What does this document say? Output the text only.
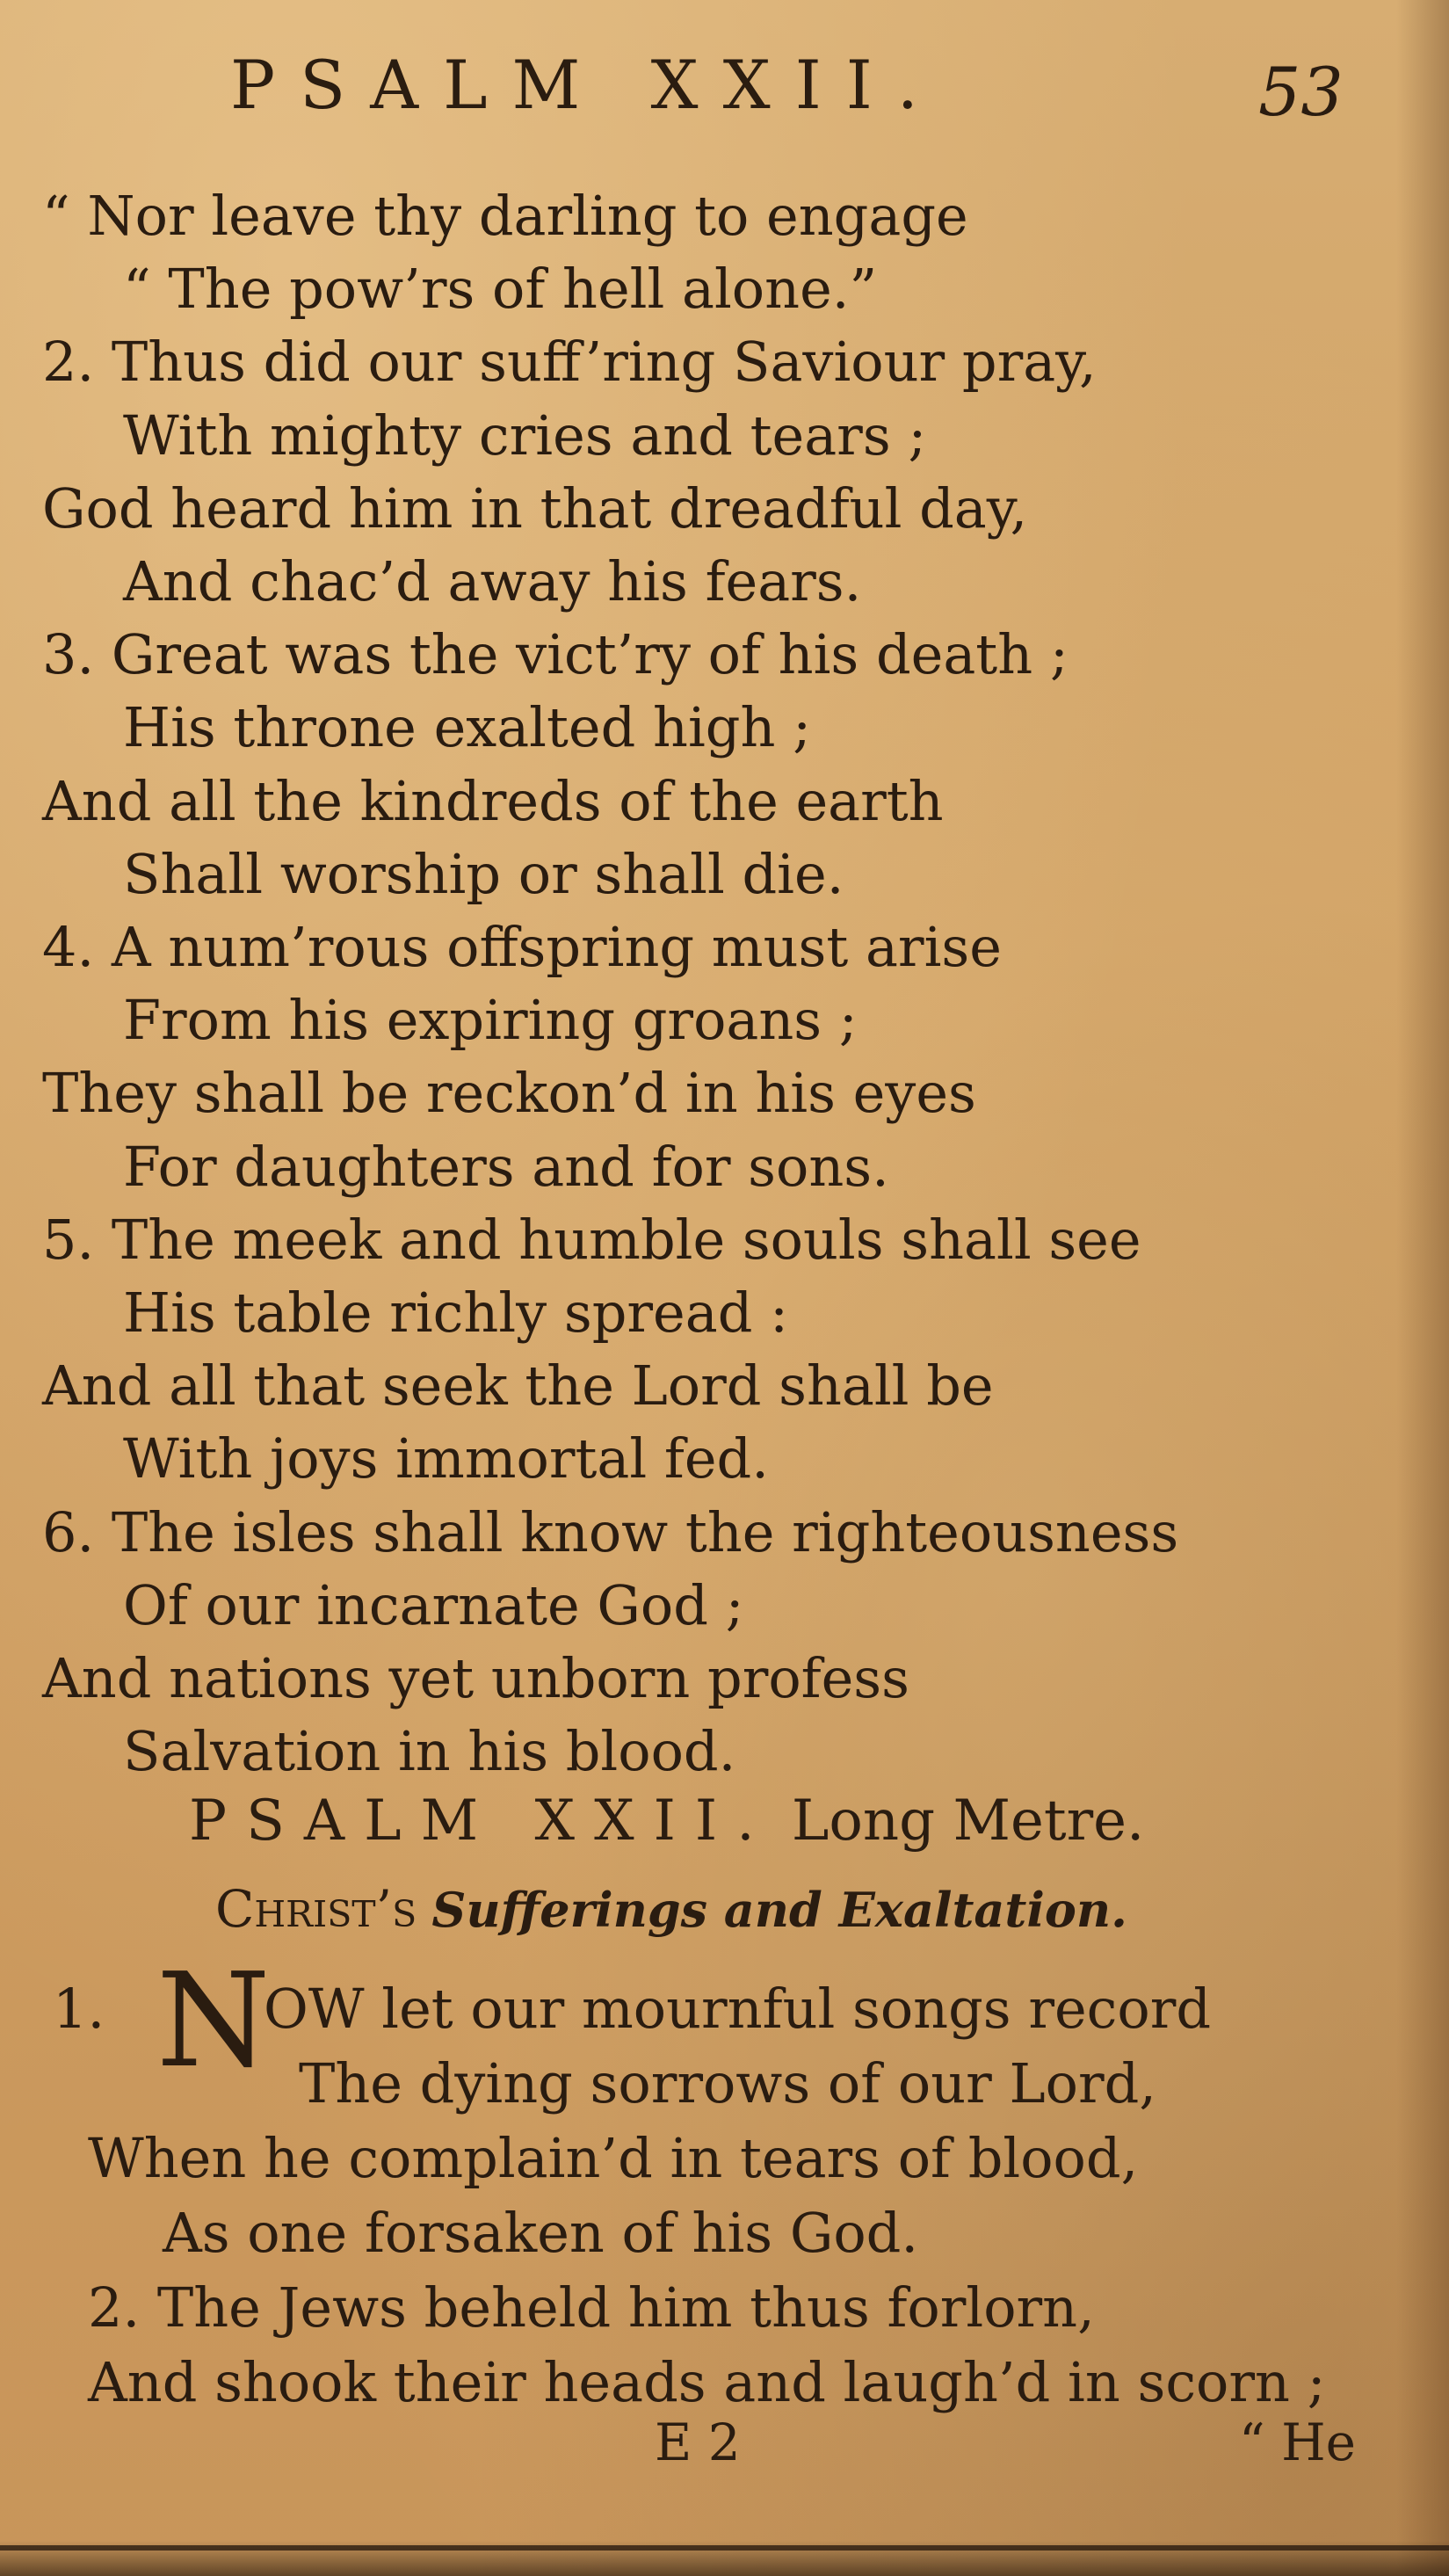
PSALM XXII.	53
“ Nor leave thy darling to engage
“ The pow’rs of hell alone.”
2. Thus did our suff’ring Saviour pray,
With mighty cries and tears ;
God heard him in that dreadful day,
And chac’d away his fears.
3. Great was the vict’ry of his death ;
His throne exalted high ;
And all the kindreds of the earth
Shall worship or shall die.
4. A num’rous offspring must arise
From his expiring groans ;
They shall be reckon’d in his eyes
For daughters and for sons.
5. The meek and humble souls shall see
His table richly spread :
And all that seek the Lord shall be
With joys immortal fed.
6. The isles shall know the righteousness
Of our incarnate God ;
And nations yet unborn profess
Salvation in his blood.
PSALM XXII. Long Metre.
Christ’s Sufferings and Exaltation.
1. N
OW let our mournful songs record
The dying sorrows of our Lord,
When he complain’d in tears of blood,
As one forsaken of his God.
2. The Jews beheld him thus forlorn,
And shook their heads and laugh’d in scorn ;
E 2	“ He
